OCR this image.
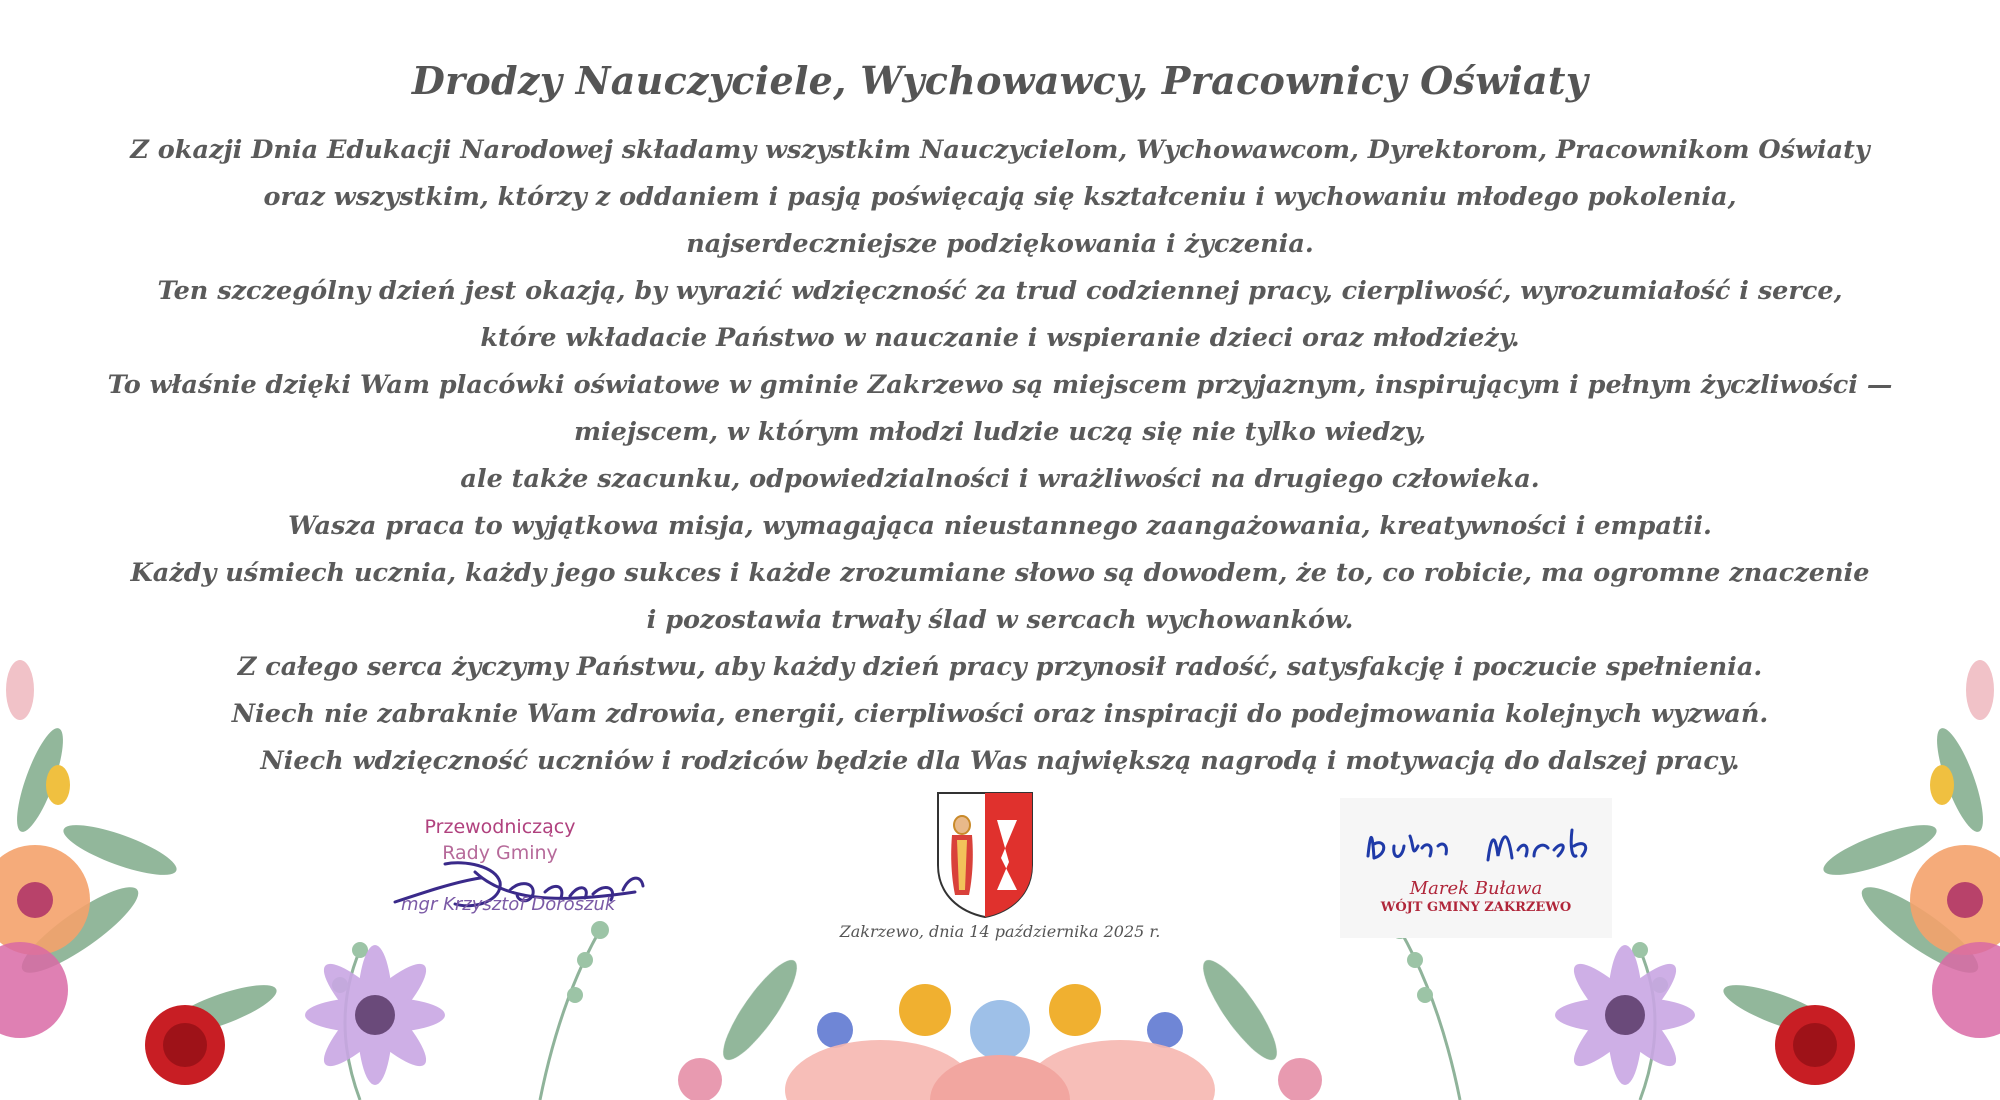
Drodzy Nauczyciele, Wychowawcy, Pracownicy Oświaty
Z okazji Dnia Edukacji Narodowej składamy wszystkim Nauczycielom, Wychowawcom, Dyrektorom, Pracownikom Oświaty
oraz wszystkim, którzy z oddaniem i pasją poświęcają się kształceniu i wychowaniu młodego pokolenia,
najserdeczniejsze podziękowania i życzenia.
Ten szczególny dzień jest okazją, by wyrazić wdzięczność za trud codziennej pracy, cierpliwość, wyrozumiałość i serce,
które wkładacie Państwo w nauczanie i wspieranie dzieci oraz młodzieży.
To właśnie dzięki Wam placówki oświatowe w gminie Zakrzewo są miejscem przyjaznym, inspirującym i pełnym życzliwości —
miejscem, w którym młodzi ludzie uczą się nie tylko wiedzy,
ale także szacunku, odpowiedzialności i wrażliwości na drugiego człowieka.
Wasza praca to wyjątkowa misja, wymagająca nieustannego zaangażowania, kreatywności i empatii.
Każdy uśmiech ucznia, każdy jego sukces i każde zrozumiane słowo są dowodem, że to, co robicie, ma ogromne znaczenie
i pozostawia trwały ślad w sercach wychowanków.
Z całego serca życzymy Państwu, aby każdy dzień pracy przynosił radość, satysfakcję i poczucie spełnienia.
Niech nie zabraknie Wam zdrowia, energii, cierpliwości oraz inspiracji do podejmowania kolejnych wyzwań.
Niech wdzięczność uczniów i rodziców będzie dla Was największą nagrodą i motywacją do dalszej pracy.
Przewodniczący
Rady Gminy
mgr Krzysztof Doroszuk
Zakrzewo, dnia 14 października 2025 r.
Marek Buława
WÓJT GMINY ZAKRZEWO
